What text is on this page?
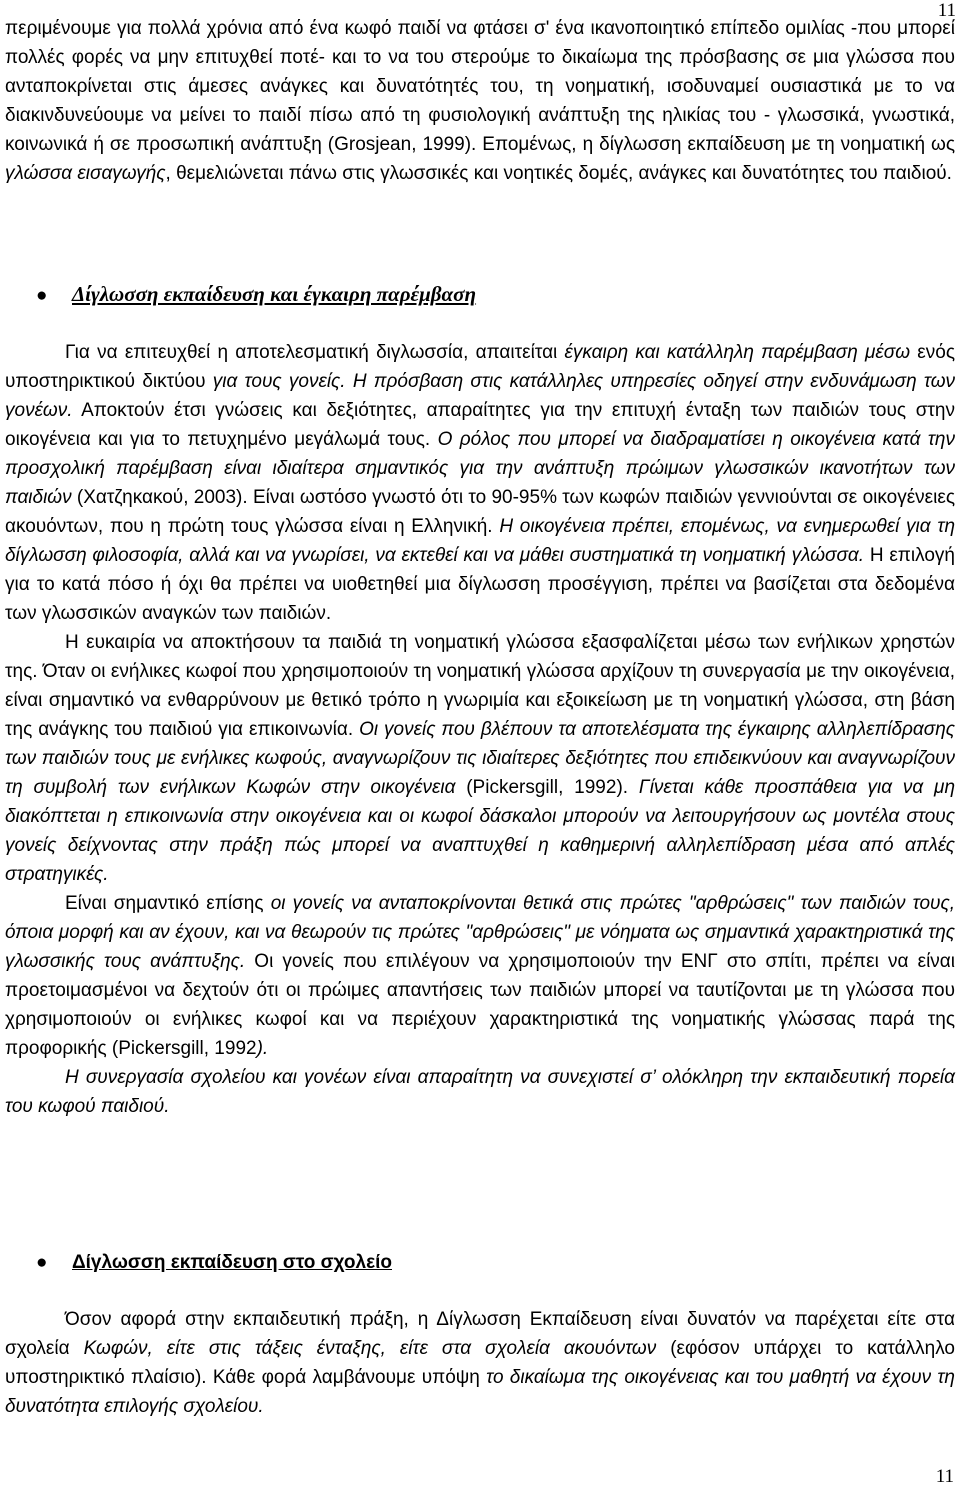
11

περιμένουμε για πολλά χρόνια από ένα κωφό παιδί να φτάσει σ' ένα ικανοποιητικό επίπεδο ομιλίας -που μπορεί πολλές φορές να μην επιτυχθεί ποτέ- και το να του στερούμε το δικαίωμα της πρόσβασης σε μια γλώσσα που ανταποκρίνεται στις άμεσες ανάγκες και δυνατότητές του, τη νοηματική, ισοδυναμεί ουσιαστικά με το να διακινδυνεύουμε να μείνει το παιδί πίσω από τη φυσιολογική ανάπτυξη της ηλικίας του - γλωσσικά, γνωστικά, κοινωνικά ή σε προσωπική ανάπτυξη (Grosjean, 1999). Επομένως, η δίγλωσση εκπαίδευση με τη νοηματική ως γλώσσα εισαγωγής, θεμελιώνεται πάνω στις γλωσσικές και νοητικές δομές, ανάγκες και δυνατότητες του παιδιού.

● Δίγλωσση εκπαίδευση και έγκαιρη παρέμβαση

Για να επιτευχθεί η αποτελεσματική διγλωσσία, απαιτείται έγκαιρη και κατάλληλη παρέμβαση μέσω ενός υποστηρικτικού δικτύου για τους γονείς. Η πρόσβαση στις κατάλληλες υπηρεσίες οδηγεί στην ενδυνάμωση των γονέων. Αποκτούν έτσι γνώσεις και δεξιότητες, απαραίτητες για την επιτυχή ένταξη των παιδιών τους στην οικογένεια και για το πετυχημένο μεγάλωμά τους. Ο ρόλος που μπορεί να διαδραματίσει η οικογένεια κατά την προσχολική παρέμβαση είναι ιδιαίτερα σημαντικός για την ανάπτυξη πρώιμων γλωσσικών ικανοτήτων των παιδιών (Χατζηκακού, 2003). Είναι ωστόσο γνωστό ότι το 90-95% των κωφών παιδιών γεννιούνται σε οικογένειες ακουόντων, που η πρώτη τους γλώσσα είναι η Ελληνική. Η οικογένεια πρέπει, επομένως, να ενημερωθεί για τη δίγλωσση φιλοσοφία, αλλά και να γνωρίσει, να εκτεθεί και να μάθει συστηματικά τη νοηματική γλώσσα. Η επιλογή για το κατά πόσο ή όχι θα πρέπει να υιοθετηθεί μια δίγλωσση προσέγγιση, πρέπει να βασίζεται στα δεδομένα των γλωσσικών αναγκών των παιδιών.

Η ευκαιρία να αποκτήσουν τα παιδιά τη νοηματική γλώσσα εξασφαλίζεται μέσω των ενήλικων χρηστών της. Όταν οι ενήλικες κωφοί που χρησιμοποιούν τη νοηματική γλώσσα αρχίζουν τη συνεργασία με την οικογένεια, είναι σημαντικό να ενθαρρύνουν με θετικό τρόπο η γνωριμία και εξοικείωση με τη νοηματική γλώσσα, στη βάση της ανάγκης του παιδιού για επικοινωνία. Οι γονείς που βλέπουν τα αποτελέσματα της έγκαιρης αλληλεπίδρασης των παιδιών τους με ενήλικες κωφούς, αναγνωρίζουν τις ιδιαίτερες δεξιότητες που επιδεικνύουν και αναγνωρίζουν τη συμβολή των ενήλικων Κωφών στην οικογένεια (Pickersgill, 1992). Γίνεται κάθε προσπάθεια για να μη διακόπτεται η επικοινωνία στην οικογένεια και οι κωφοί δάσκαλοι μπορούν να λειτουργήσουν ως μοντέλα στους γονείς δείχνοντας στην πράξη πώς μπορεί να αναπτυχθεί η καθημερινή αλληλεπίδραση μέσα από απλές στρατηγικές.

Είναι σημαντικό επίσης οι γονείς να ανταποκρίνονται θετικά στις πρώτες "αρθρώσεις" των παιδιών τους, όποια μορφή και αν έχουν, και να θεωρούν τις πρώτες "αρθρώσεις" με νόηματα ως σημαντικά χαρακτηριστικά της γλωσσικής τους ανάπτυξης. Οι γονείς που επιλέγουν να χρησιμοποιούν την ΕΝΓ στο σπίτι, πρέπει να είναι προετοιμασμένοι να δεχτούν ότι οι πρώιμες απαντήσεις των παιδιών μπορεί να ταυτίζονται με τη γλώσσα που χρησιμοποιούν οι ενήλικες κωφοί και να περιέχουν χαρακτηριστικά της νοηματικής γλώσσας παρά της προφορικής (Pickersgill, 1992).

Η συνεργασία σχολείου και γονέων είναι απαραίτητη να συνεχιστεί σ’ ολόκληρη την εκπαιδευτική πορεία του κωφού παιδιού.

● Δίγλωσση εκπαίδευση στο σχολείο

Όσον αφορά στην εκπαιδευτική πράξη, η Δίγλωσση Εκπαίδευση είναι δυνατόν να παρέχεται είτε στα σχολεία Κωφών, είτε στις τάξεις ένταξης, είτε στα σχολεία ακουόντων (εφόσον υπάρχει το κατάλληλο υποστηρικτικό πλαίσιο). Κάθε φορά λαμβάνουμε υπόψη το δικαίωμα της οικογένειας και του μαθητή να έχουν τη δυνατότητα επιλογής σχολείου.

11
